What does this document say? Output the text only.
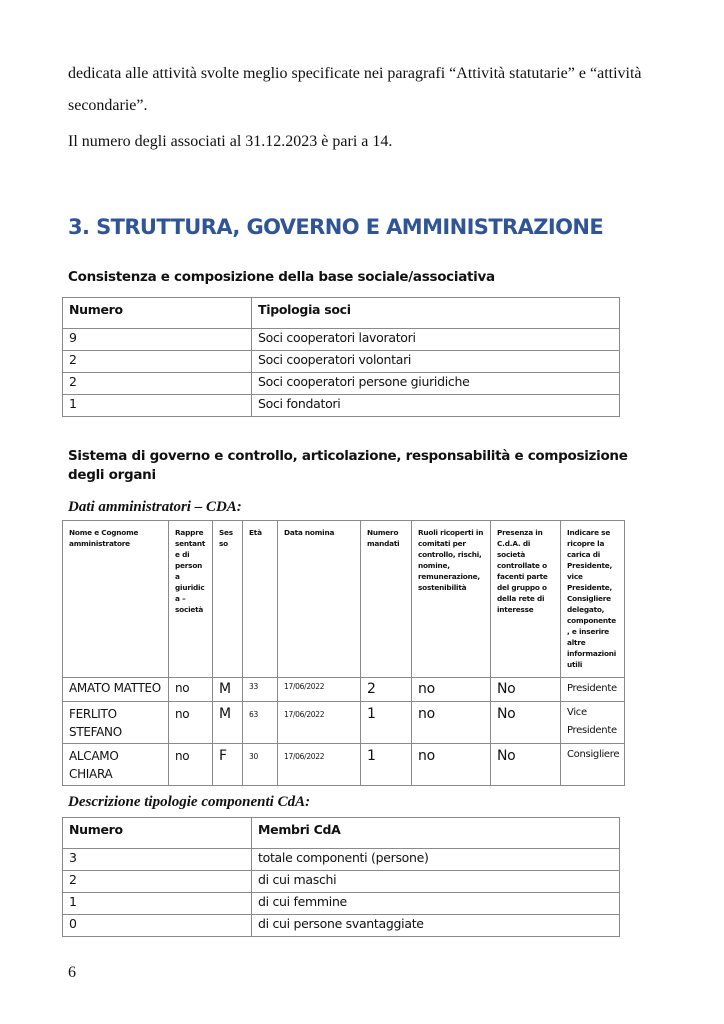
dedicata alle attività svolte meglio specificate nei paragrafi “Attività statutarie” e “attività
secondarie”.
Il numero degli associati al 31.12.2023 è pari a 14.
3. STRUTTURA, GOVERNO E AMMINISTRAZIONE
Consistenza e composizione della base sociale/associativa
Numero	Tipologia soci
9	Soci cooperatori lavoratori
2	Soci cooperatori volontari
2	Soci cooperatori persone giuridiche
1	Soci fondatori
Sistema di governo e controllo, articolazione, responsabilità e composizione degli organi
Dati amministratori – CDA:
Nome e Cognome amministratore	Rappre sentant e di person a giuridic a – società	Ses so	Età	Data nomina	Numero mandati	Ruoli ricoperti in comitati per controllo, rischi, nomine, remunerazione, sostenibilità	Presenza in C.d.A. di società controllate o facenti parte del gruppo o della rete di interesse	Indicare se ricopre la carica di Presidente, vice Presidente, Consigliere delegato, componente , e inserire altre informazioni utili
AMATO MATTEO	no	M	33	17/06/2022	2	no	No	Presidente
FERLITO STEFANO	no	M	63	17/06/2022	1	no	No	Vice Presidente
ALCAMO CHIARA	no	F	30	17/06/2022	1	no	No	Consigliere
Descrizione tipologie componenti CdA:
Numero	Membri CdA
3	totale componenti (persone)
2	di cui maschi
1	di cui femmine
0	di cui persone svantaggiate
6
